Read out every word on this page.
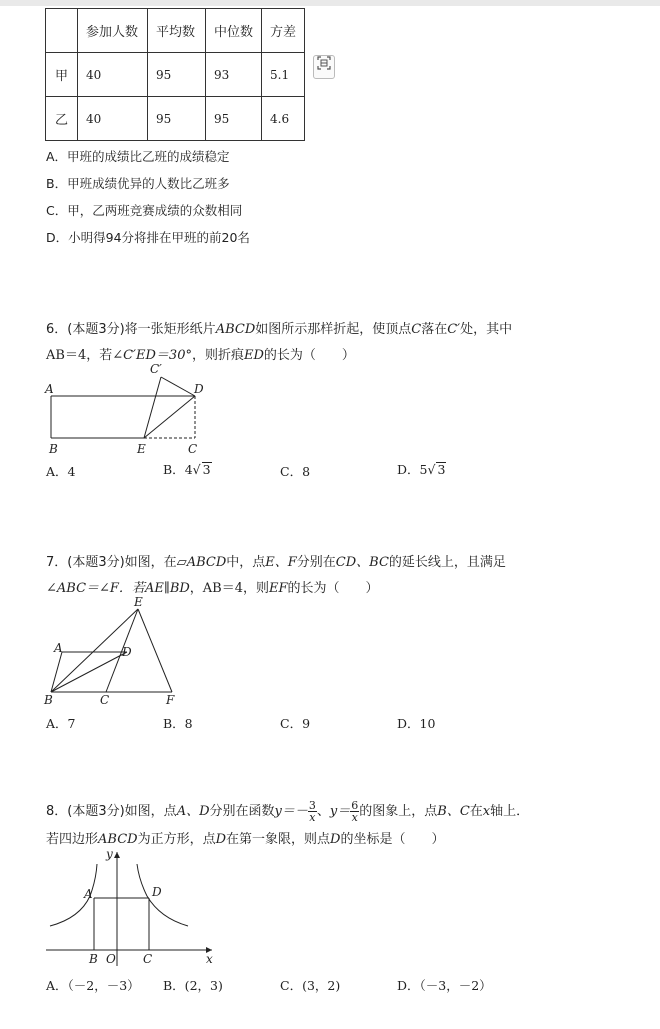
	参加人数	平均数	中位数	方差
甲	40	95	93	5.1
乙	40	95	95	4.6
A．甲班的成绩比乙班的成绩稳定
B．甲班成绩优异的人数比乙班多
C．甲，乙两班竞赛成绩的众数相同
D．小明得94分将排在甲班的前20名
6．(本题3分)将一张矩形纸片ABCD如图所示那样折起，使顶点C落在C′处，其中
AB＝4，若∠C′ED＝30°，则折痕ED的长为（　　）
C′
A	D
B	E	C
A．4	B．4√ 3	C．8	D．5√ 3
7．(本题3分)如图，在▱ABCD中，点E、F分别在CD、BC的延长线上，且满足
∠ABC＝∠F．若AE∥BD，AB＝4，则EF的长为（　　）
E
A	D
B	C	F
A．7	B．8	C．9	D．10
8．(本题3分)如图，点A、D分别在函数$y=- \frac{3}{x}$ 、$y= \frac{6}{x}$ 的图象上，点B、C在x轴上．
若四边形ABCD为正方形，点D在第一象限，则点D的坐标是（　　）
y
A	D
B O C	x
A．（－2，－3） B．(2，3)	C．(3，2)	D．（－3，－2）
